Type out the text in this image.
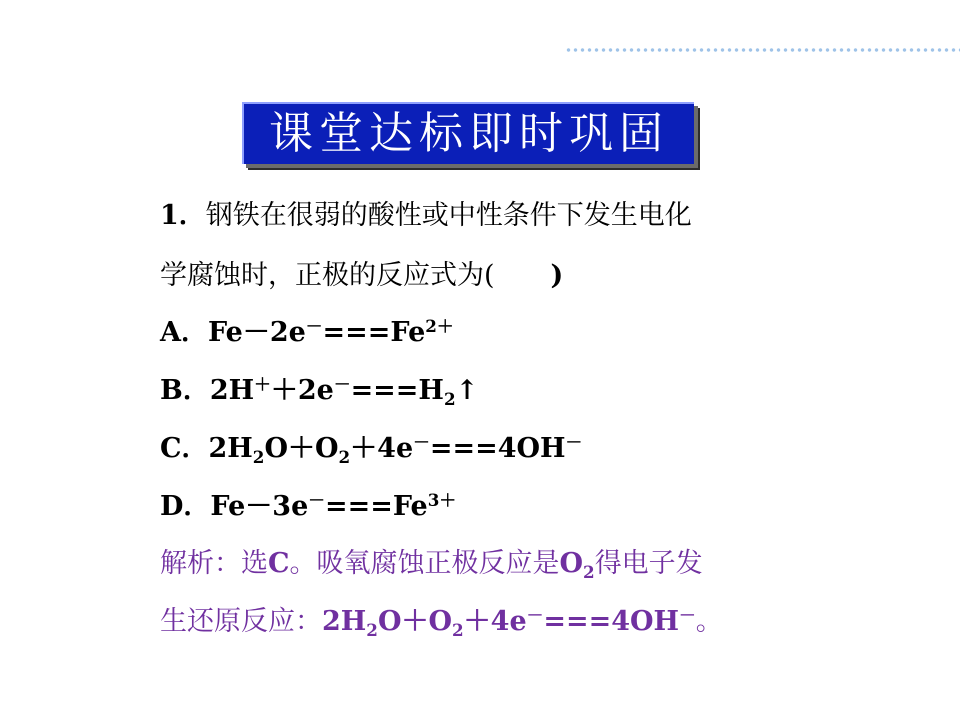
课堂达标即时巩固
1．钢铁在很弱的酸性或中性条件下发生电化
学腐蚀时，正极的反应式为( )
A．$Fe-2e^-===Fe^{2+}$
B．$2H^++2e^-===H_2↑$
C．$2H_2O+O_2+4e^-===4OH^-$
D．$Fe-3e^-===Fe^{3+}$
解析：选C。吸氧腐蚀正极反应是$O_2$得电子发
生还原反应：$2H_2O+O_2+4e^-===4OH^-$。
